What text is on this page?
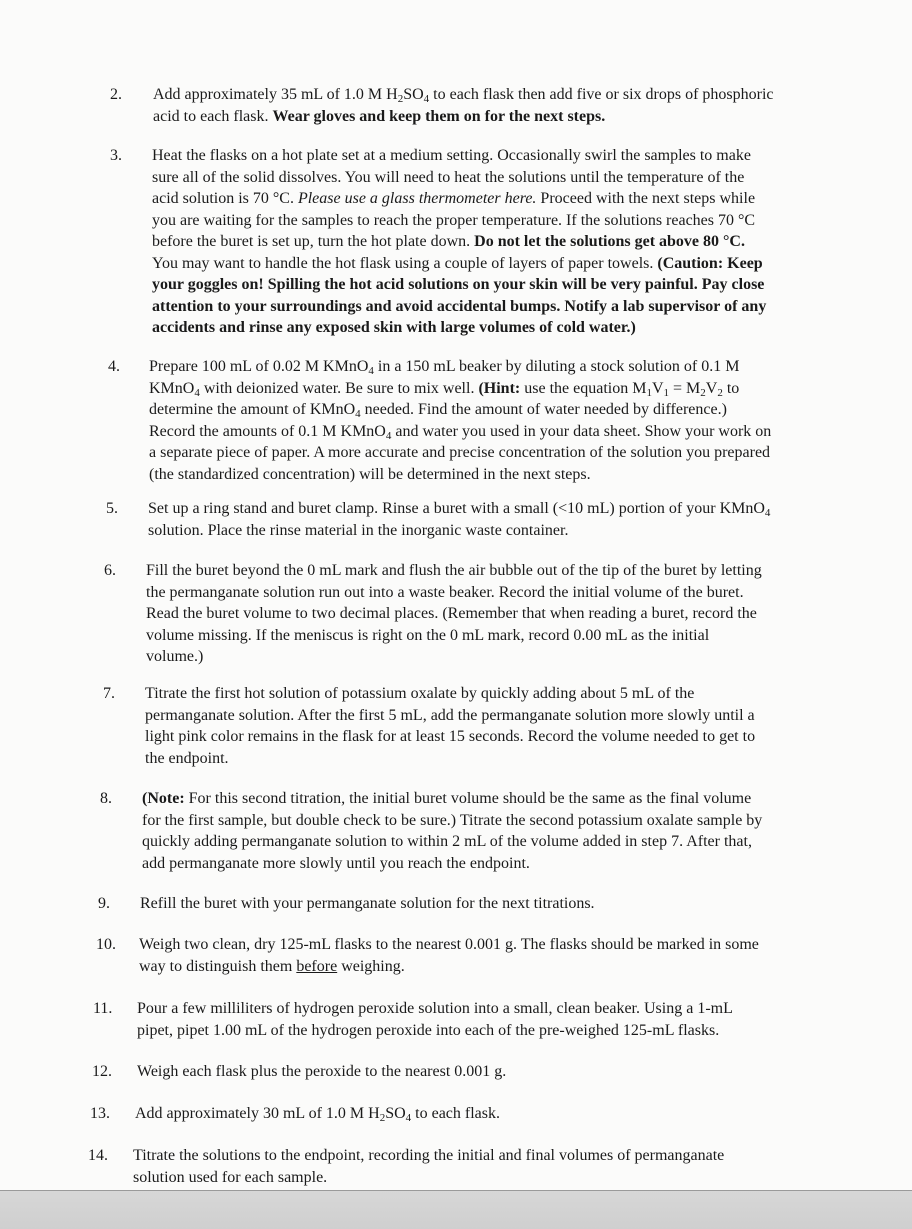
2. Add approximately 35 mL of 1.0 M $H_2SO_4$ to each flask then add five or six drops of phosphoric
acid to each flask. Wear gloves and keep them on for the next steps.
3. Heat the flasks on a hot plate set at a medium setting. Occasionally swirl the samples to make
sure all of the solid dissolves. You will need to heat the solutions until the temperature of the
acid solution is 70 °C. Please use a glass thermometer here. Proceed with the next steps while
you are waiting for the samples to reach the proper temperature. If the solutions reaches 70 °C
before the buret is set up, turn the hot plate down. Do not let the solutions get above 80 °C.
You may want to handle the hot flask using a couple of layers of paper towels. (Caution: Keep
your goggles on! Spilling the hot acid solutions on your skin will be very painful. Pay close
attention to your surroundings and avoid accidental bumps. Notify a lab supervisor of any
accidents and rinse any exposed skin with large volumes of cold water.)
4. Prepare 100 mL of 0.02 M KMnO$_4$ in a 150 mL beaker by diluting a stock solution of 0.1 M
KMnO$_4$ with deionized water. Be sure to mix well. (Hint: use the equation $M_1V_1 = M_2V_2$ to
determine the amount of KMnO$_4$ needed. Find the amount of water needed by difference.)
Record the amounts of 0.1 M KMnO$_4$ and water you used in your data sheet. Show your work on
a separate piece of paper. A more accurate and precise concentration of the solution you prepared
(the standardized concentration) will be determined in the next steps.
5. Set up a ring stand and buret clamp. Rinse a buret with a small (<10 mL) portion of your KMnO$_4$
solution. Place the rinse material in the inorganic waste container.
6. Fill the buret beyond the 0 mL mark and flush the air bubble out of the tip of the buret by letting
the permanganate solution run out into a waste beaker. Record the initial volume of the buret.
Read the buret volume to two decimal places. (Remember that when reading a buret, record the
volume missing. If the meniscus is right on the 0 mL mark, record 0.00 mL as the initial
volume.)
7. Titrate the first hot solution of potassium oxalate by quickly adding about 5 mL of the
permanganate solution. After the first 5 mL, add the permanganate solution more slowly until a
light pink color remains in the flask for at least 15 seconds. Record the volume needed to get to
the endpoint.
8. (Note: For this second titration, the initial buret volume should be the same as the final volume
for the first sample, but double check to be sure.) Titrate the second potassium oxalate sample by
quickly adding permanganate solution to within 2 mL of the volume added in step 7. After that,
add permanganate more slowly until you reach the endpoint.
9. Refill the buret with your permanganate solution for the next titrations.
10. Weigh two clean, dry 125-mL flasks to the nearest 0.001 g. The flasks should be marked in some
way to distinguish them before weighing.
11. Pour a few milliliters of hydrogen peroxide solution into a small, clean beaker. Using a 1-mL
pipet, pipet 1.00 mL of the hydrogen peroxide into each of the pre-weighed 125-mL flasks.
12. Weigh each flask plus the peroxide to the nearest 0.001 g.
13. Add approximately 30 mL of 1.0 M $H_2SO_4$ to each flask.
14. Titrate the solutions to the endpoint, recording the initial and final volumes of permanganate
solution used for each sample.
